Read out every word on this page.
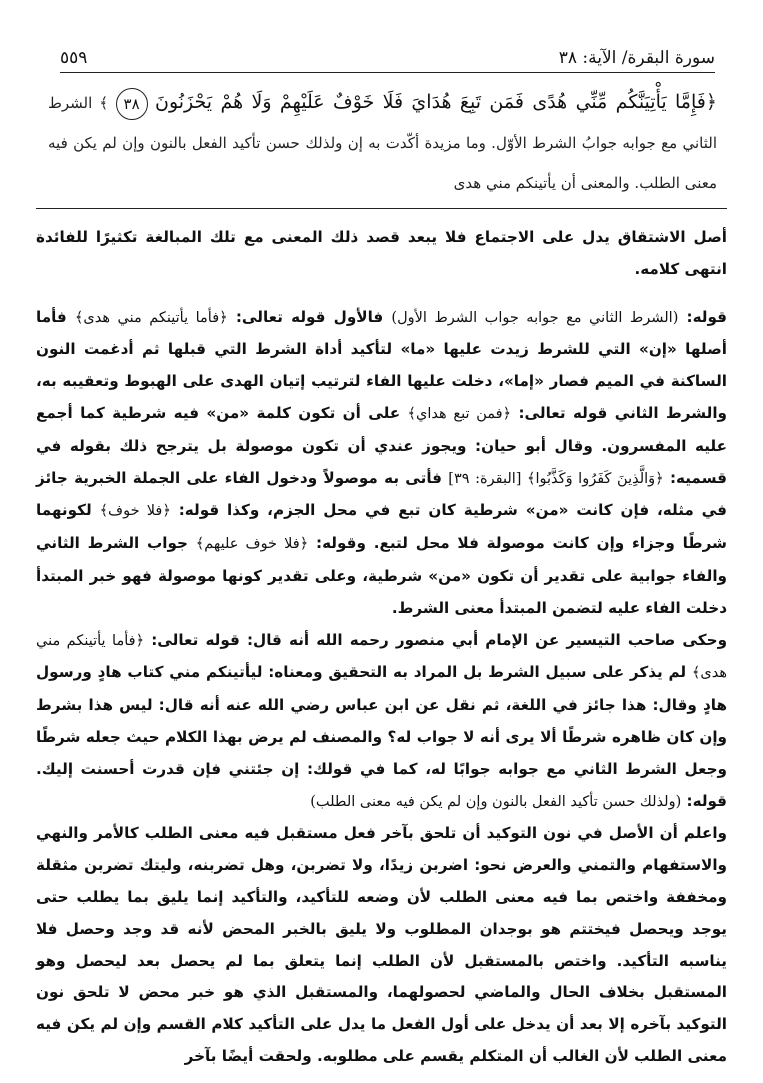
٥٥٩	سورة البقرة/ الآية: ٣٨
﴿فَإِمَّا يَأْتِيَنَّكُم مِّنِّي هُدًى فَمَن تَبِعَ هُدَايَ فَلَا خَوْفٌ عَلَيْهِمْ وَلَا هُمْ يَحْزَنُونَ ٣٨ ﴾ الشرط الثاني مع جوابه جوابُ الشرط الأوّل. وما مزيدة أكّدت به إن ولذلك حسن تأكيد الفعل بالنون وإن لم يكن فيه معنى الطلب. والمعنى أن يأتينكم مني هدى

أصل الاشتقاق يدل على الاجتماع فلا يبعد قصد ذلك المعنى مع تلك المبالغة تكثيرًا للفائدة انتهى كلامه.

قوله: (الشرط الثاني مع جوابه جواب الشرط الأول) فالأول قوله تعالى: ﴿فأما يأتينكم مني هدى﴾ فأما أصلها «إن» التي للشرط زيدت عليها «ما» لتأكيد أداة الشرط التي قبلها ثم أدغمت النون الساكنة في الميم فصار «إما»، دخلت عليها الفاء لترتيب إتيان الهدى على الهبوط وتعقيبه به، والشرط الثاني قوله تعالى: ﴿فمن تبع هداي﴾ على أن تكون كلمة «من» فيه شرطية كما أجمع عليه المفسرون. وقال أبو حيان: ويجوز عندي أن تكون موصولة بل يترجح ذلك بقوله في قسميه: ﴿وَالَّذِينَ كَفَرُوا وَكَذَّبُوا﴾ [البقرة: ٣٩] فأتى به موصولاً ودخول الفاء على الجملة الخبرية جائز في مثله، فإن كانت «من» شرطية كان تبع في محل الجزم، وكذا قوله: ﴿فلا خوف﴾ لكونهما شرطًا وجزاء وإن كانت موصولة فلا محل لتبع. وقوله: ﴿فلا خوف عليهم﴾ جواب الشرط الثاني والفاء جوابية على تقدير أن تكون «من» شرطية، وعلى تقدير كونها موصولة فهو خبر المبتدأ دخلت الفاء عليه لتضمن المبتدأ معنى الشرط.

وحكى صاحب التيسير عن الإمام أبي منصور رحمه الله أنه قال: قوله تعالى: ﴿فأما يأتينكم مني هدى﴾ لم يذكر على سبيل الشرط بل المراد به التحقيق ومعناه: ليأتينكم مني كتاب هادٍ ورسول هادٍ وقال: هذا جائز في اللغة، ثم نقل عن ابن عباس رضي الله عنه أنه قال: ليس هذا بشرط وإن كان ظاهره شرطًا ألا يرى أنه لا جواب له؟ والمصنف لم يرض بهذا الكلام حيث جعله شرطًا وجعل الشرط الثاني مع جوابه جوابًا له، كما في قولك: إن جئتني فإن قدرت أحسنت إليك. قوله: (ولذلك حسن تأكيد الفعل بالنون وإن لم يكن فيه معنى الطلب)

واعلم أن الأصل في نون التوكيد أن تلحق بآخر فعل مستقبل فيه معنى الطلب كالأمر والنهي والاستفهام والتمني والعرض نحو: اضربن زيدًا، ولا تضربن، وهل تضربنه، وليتك تضربن مثقلة ومخففة واختص بما فيه معنى الطلب لأن وضعه للتأكيد، والتأكيد إنما يليق بما يطلب حتى يوجد ويحصل فيختتم هو بوجدان المطلوب ولا يليق بالخبر المحض لأنه قد وجد وحصل فلا يناسبه التأكيد. واختص بالمستقبل لأن الطلب إنما يتعلق بما لم يحصل بعد ليحصل وهو المستقبل بخلاف الحال والماضي لحصولهما، والمستقبل الذي هو خبر محض لا تلحق نون التوكيد بآخره إلا بعد أن يدخل على أول الفعل ما يدل على التأكيد كلام القسم وإن لم يكن فيه معنى الطلب لأن الغالب أن المتكلم يقسم على مطلوبه. ولحقت أيضًا بآخر
